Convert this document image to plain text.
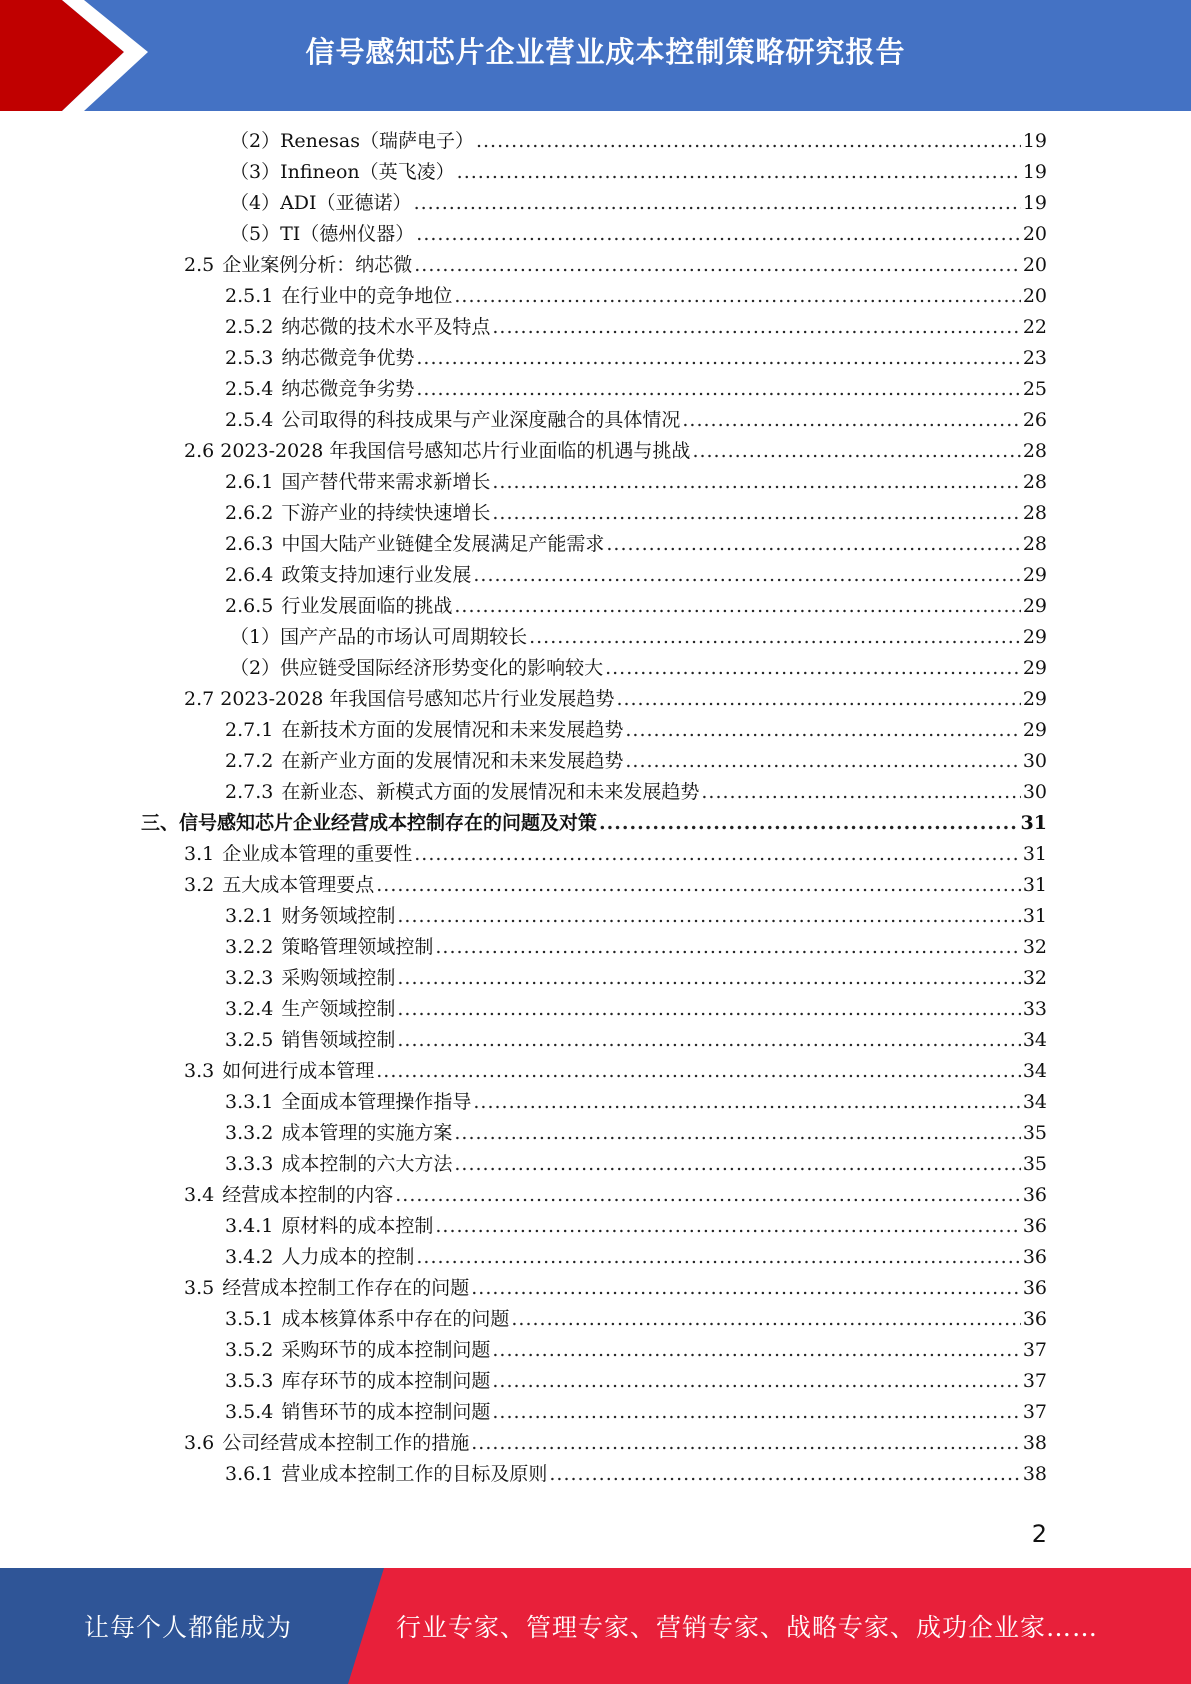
信号感知芯片企业营业成本控制策略研究报告
（2）Renesas（瑞萨电子） .....	19
（3）Infineon（英飞凌） .....	19
（4）ADI（亚德诺） .....	19
（5）TI（德州仪器） .....	20
2.5 企业案例分析：纳芯微 .....	20
2.5.1 在行业中的竞争地位 .....	20
2.5.2 纳芯微的技术水平及特点 .....	22
2.5.3 纳芯微竞争优势 .....	23
2.5.4 纳芯微竞争劣势 .....	25
2.5.4 公司取得的科技成果与产业深度融合的具体情况 .....	26
2.6 2023-2028 年我国信号感知芯片行业面临的机遇与挑战 .....	28
2.6.1 国产替代带来需求新增长 .....	28
2.6.2 下游产业的持续快速增长 .....	28
2.6.3 中国大陆产业链健全发展满足产能需求 .....	28
2.6.4 政策支持加速行业发展 .....	29
2.6.5 行业发展面临的挑战 .....	29
（1）国产产品的市场认可周期较长 .....	29
（2）供应链受国际经济形势变化的影响较大 .....	29
2.7 2023-2028 年我国信号感知芯片行业发展趋势 .....	29
2.7.1 在新技术方面的发展情况和未来发展趋势 .....	29
2.7.2 在新产业方面的发展情况和未来发展趋势 .....	30
2.7.3 在新业态、新模式方面的发展情况和未来发展趋势 .....	30
三、信号感知芯片企业经营成本控制存在的问题及对策 .....	31
3.1 企业成本管理的重要性 .....	31
3.2 五大成本管理要点 .....	31
3.2.1 财务领域控制 .....	31
3.2.2 策略管理领域控制 .....	32
3.2.3 采购领域控制 .....	32
3.2.4 生产领域控制 .....	33
3.2.5 销售领域控制 .....	34
3.3 如何进行成本管理 .....	34
3.3.1 全面成本管理操作指导 .....	34
3.3.2 成本管理的实施方案 .....	35
3.3.3 成本控制的六大方法 .....	35
3.4 经营成本控制的内容 .....	36
3.4.1 原材料的成本控制 .....	36
3.4.2 人力成本的控制 .....	36
3.5 经营成本控制工作存在的问题 .....	36
3.5.1 成本核算体系中存在的问题 .....	36
3.5.2 采购环节的成本控制问题 .....	37
3.5.3 库存环节的成本控制问题 .....	37
3.5.4 销售环节的成本控制问题 .....	37
3.6 公司经营成本控制工作的措施 .....	38
3.6.1 营业成本控制工作的目标及原则 .....	38
2
让每个人都能成为	行业专家、管理专家、营销专家、战略专家、成功企业家……
